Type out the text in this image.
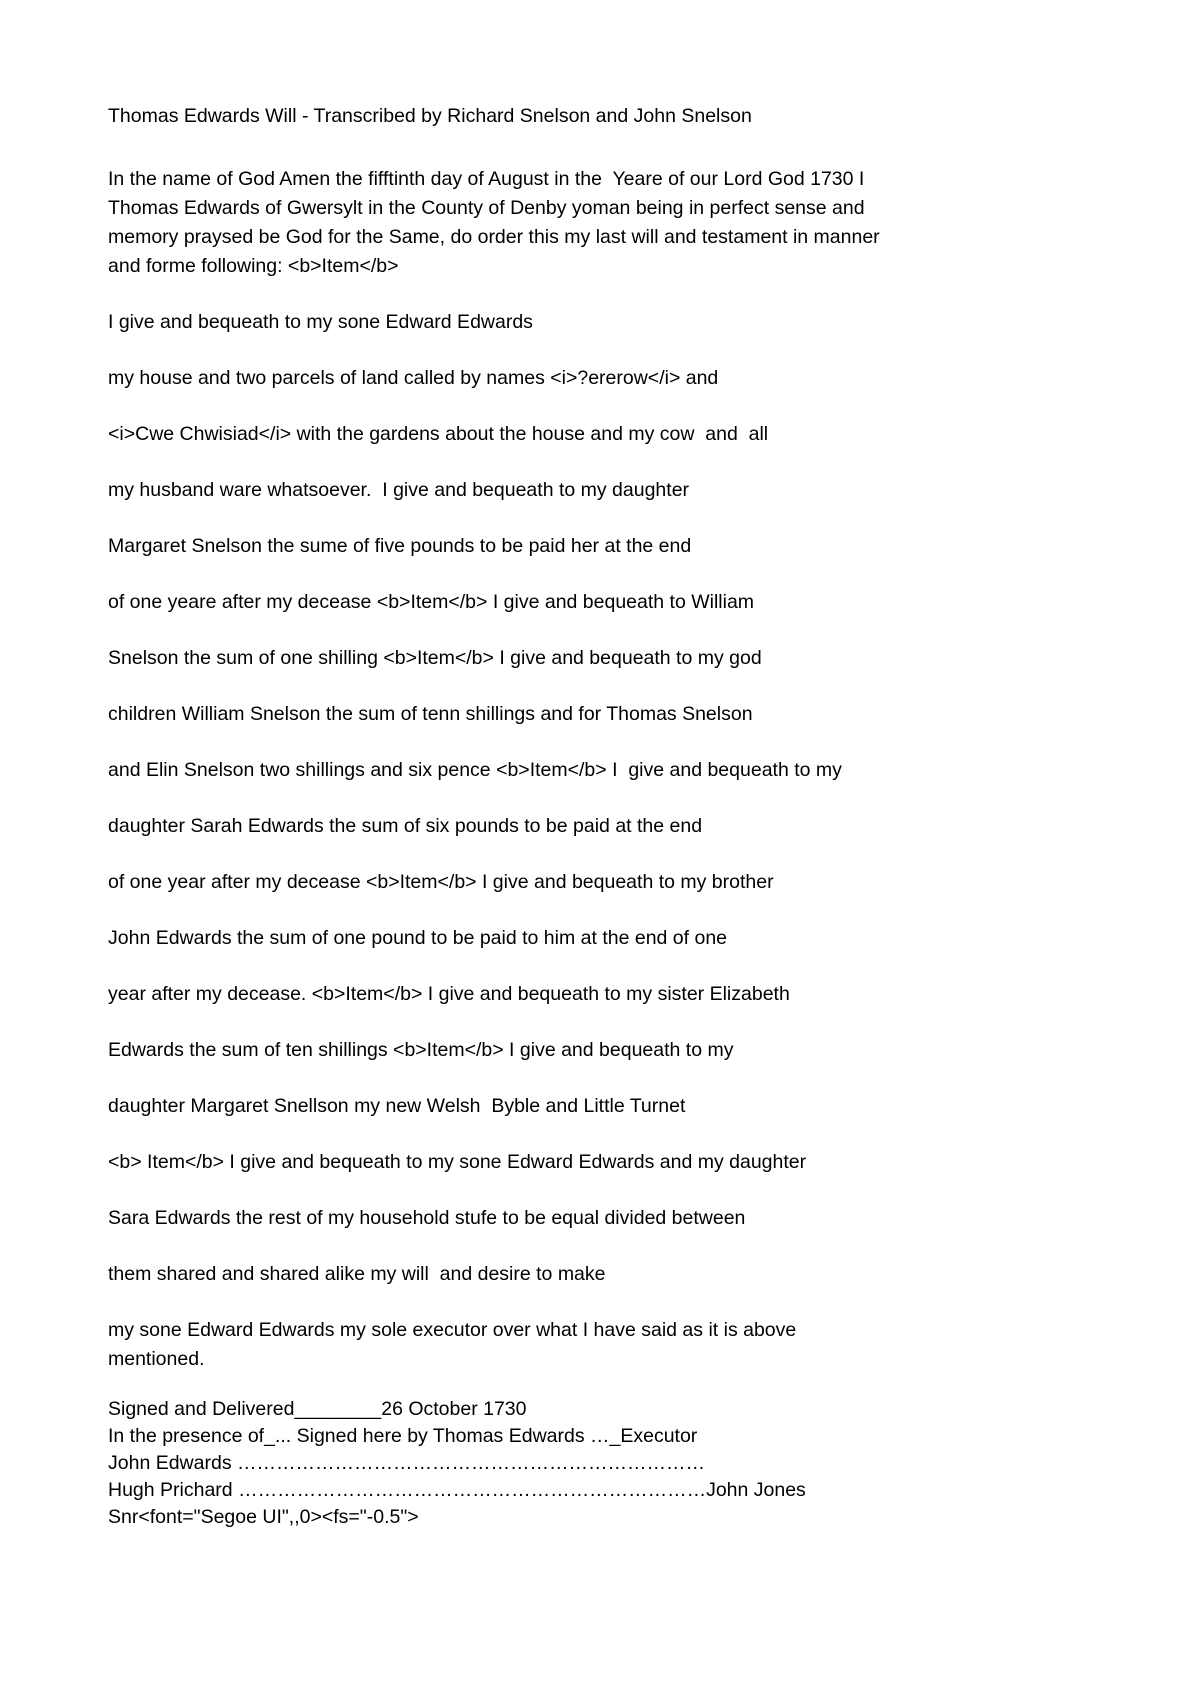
Thomas Edwards Will - Transcribed by Richard Snelson and John Snelson

In the name of God Amen the fifftinth day of August in the  Yeare of our Lord God 1730 I

Thomas Edwards of Gwersylt in the County of Denby yoman being in perfect sense and

memory praysed be God for the Same, do order this my last will and testament in manner

and forme following: <b>Item</b>

I give and bequeath to my sone Edward Edwards

my house and two parcels of land called by names <i>?ererow</i> and

<i>Cwe Chwisiad</i> with the gardens about the house and my cow  and  all

my husband ware whatsoever.  I give and bequeath to my daughter

Margaret Snelson the sume of five pounds to be paid her at the end

of one yeare after my decease <b>Item</b> I give and bequeath to William

Snelson the sum of one shilling <b>Item</b> I give and bequeath to my god

children William Snelson the sum of tenn shillings and for Thomas Snelson

and Elin Snelson two shillings and six pence <b>Item</b> I  give and bequeath to my

daughter Sarah Edwards the sum of six pounds to be paid at the end

of one year after my decease <b>Item</b> I give and bequeath to my brother

John Edwards the sum of one pound to be paid to him at the end of one

year after my decease. <b>Item</b> I give and bequeath to my sister Elizabeth

Edwards the sum of ten shillings <b>Item</b> I give and bequeath to my

daughter Margaret Snellson my new Welsh  Byble and Little Turnet

<b> Item</b> I give and bequeath to my sone Edward Edwards and my daughter

Sara Edwards the rest of my household stufe to be equal divided between

them shared and shared alike my will  and desire to make

my sone Edward Edwards my sole executor over what I have said as it is above

mentioned.

Signed and Delivered________26 October 1730

In the presence of_... Signed here by Thomas Edwards …_Executor

John Edwards ………………………………………………………………

Hugh Prichard ………………………………………………………………John Jones

Snr<font="Segoe UI",,0><fs="-0.5">
